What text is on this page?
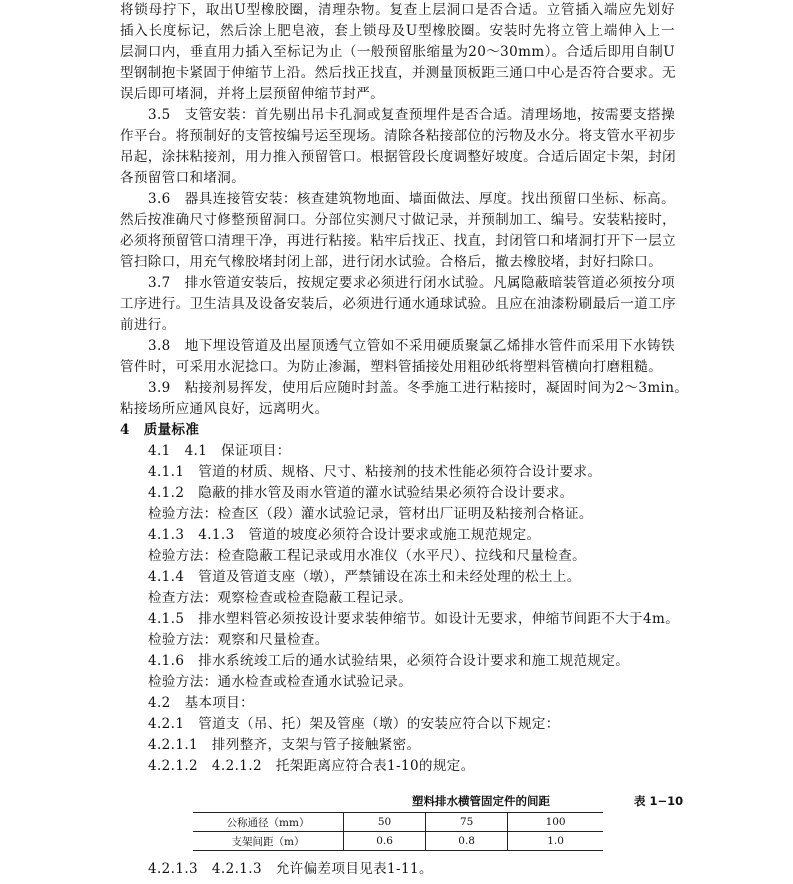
将锁母拧下，取出U型橡胶圈，清理杂物。复查上层洞口是否合适。立管插入端应先划好
插入长度标记，然后涂上肥皂液，套上锁母及U型橡胶圈。安装时先将立管上端伸入上一
层洞口内，垂直用力插入至标记为止（一般预留胀缩量为20～30mm）。合适后即用自制U
型钢制抱卡紧固于伸缩节上沿。然后找正找直，并测量顶板距三通口中心是否符合要求。无
误后即可堵洞，并将上层预留伸缩节封严。
3.5　支管安装：首先剔出吊卡孔洞或复查预埋件是否合适。清理场地，按需要支搭操
作平台。将预制好的支管按编号运至现场。清除各粘接部位的污物及水分。将支管水平初步
吊起，涂抹粘接剂，用力推入预留管口。根据管段长度调整好坡度。合适后固定卡架，封闭
各预留管口和堵洞。
3.6　器具连接管安装：核查建筑物地面、墙面做法、厚度。找出预留口坐标、标高。
然后按准确尺寸修整预留洞口。分部位实测尺寸做记录，并预制加工、编号。安装粘接时，
必须将预留管口清理干净，再进行粘接。粘牢后找正、找直，封闭管口和堵洞打开下一层立
管扫除口，用充气橡胶堵封闭上部，进行闭水试验。合格后，撤去橡胶堵，封好扫除口。
3.7　排水管道安装后，按规定要求必须进行闭水试验。凡属隐蔽暗装管道必须按分项
工序进行。卫生洁具及设备安装后，必须进行通水通球试验。且应在油漆粉刷最后一道工序
前进行。
3.8　地下埋设管道及出屋顶透气立管如不采用硬质聚氯乙烯排水管件而采用下水铸铁
管件时，可采用水泥捻口。为防止渗漏，塑料管插接处用粗砂纸将塑料管横向打磨粗糙。
3.9　粘接剂易挥发，使用后应随时封盖。冬季施工进行粘接时，凝固时间为2～3min。
粘接场所应通风良好，远离明火。
4　质量标准
4.1　4.1　保证项目：
4.1.1　管道的材质、规格、尺寸、粘接剂的技术性能必须符合设计要求。
4.1.2　隐蔽的排水管及雨水管道的灌水试验结果必须符合设计要求。
检验方法：检查区（段）灌水试验记录，管材出厂证明及粘接剂合格证。
4.1.3　4.1.3　管道的坡度必须符合设计要求或施工规范规定。
检验方法：检查隐蔽工程记录或用水准仪（水平尺）、拉线和尺量检查。
4.1.4　管道及管道支座（墩），严禁铺设在冻土和未经处理的松土上。
检查方法：观察检查或检查隐蔽工程记录。
4.1.5　排水塑料管必须按设计要求装伸缩节。如设计无要求，伸缩节间距不大于4m。
检验方法：观察和尺量检查。
4.1.6　排水系统竣工后的通水试验结果，必须符合设计要求和施工规范规定。
检验方法：通水检查或检查通水试验记录。
4.2　基本项目：
4.2.1　管道支（吊、托）架及管座（墩）的安装应符合以下规定：
4.2.1.1　排列整齐，支架与管子接触紧密。
4.2.1.2　4.2.1.2　托架距离应符合表1-10的规定。
塑料排水横管固定件的间距	表 1−10
公称通径（mm）	50	75	100
支架间距（m）	0.6	0.8	1.0
4.2.1.3　4.2.1.3　允许偏差项目见表1-11。
